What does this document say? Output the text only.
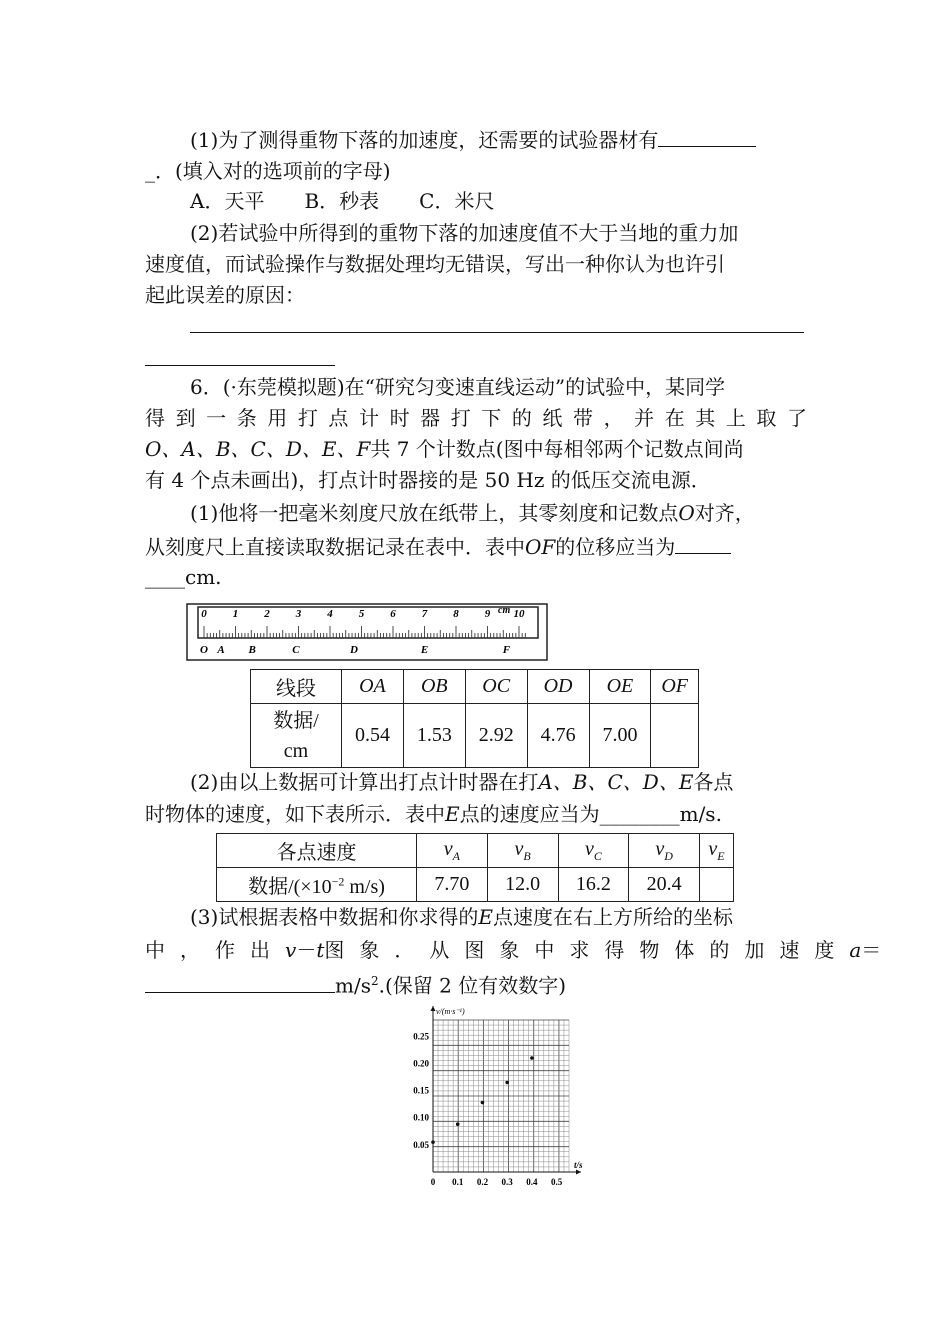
(1)为了测得重物下落的加速度，还需要的试验器材有
_．(填入对的选项前的字母)
A．天平　　B．秒表　　C．米尺
(2)若试验中所得到的重物下落的加速度值不大于当地的重力加
速度值，而试验操作与数据处理均无错误，写出一种你认为也许引
起此误差的原因：
6．(·东莞模拟题)在“研究匀变速直线运动”的试验中，某同学
得到一条用打点计时器打下的纸带，并在其上取了
O、A、B、C、D、E、F共 7 个计数点(图中每相邻两个记数点间尚
有 4 个点未画出)，打点计时器接的是 50 Hz 的低压交流电源．
(1)他将一把毫米刻度尺放在纸带上，其零刻度和记数点O对齐，
从刻度尺上直接读取数据记录在表中．表中OF的位移应当为
____cm.
0 1 2 3 4 5 6 7 8 9 10
O A B	C	D	E	F
cm
线段	OA	OB	OC	OD	OE	OF
数据/
cm	0.54	1.53	2.92	4.76	7.00	
(2)由以上数据可计算出打点计时器在打A、B、C、D、E各点
时物体的速度，如下表所示．表中E点的速度应当为________m/s.
各点速度	$v_A$	$v_B$	$v_C$	$v_D$	$v_E$
数据$/(\times 10^{-2}$ m/s)	7.70	12.0	16.2	20.4	
(3)试根据表格中数据和你求得的E点速度在右上方所给的坐标
中，作出 v － t 图象．从图象中求得物体的加速度 a ＝
$m/s^2$.(保留 2 位有效数字)
0 0.1 0.2 0.3 0.4 0.5
0.05
0.10
0.15
0.20
0.25
v/(m·s⁻¹)
t/s
